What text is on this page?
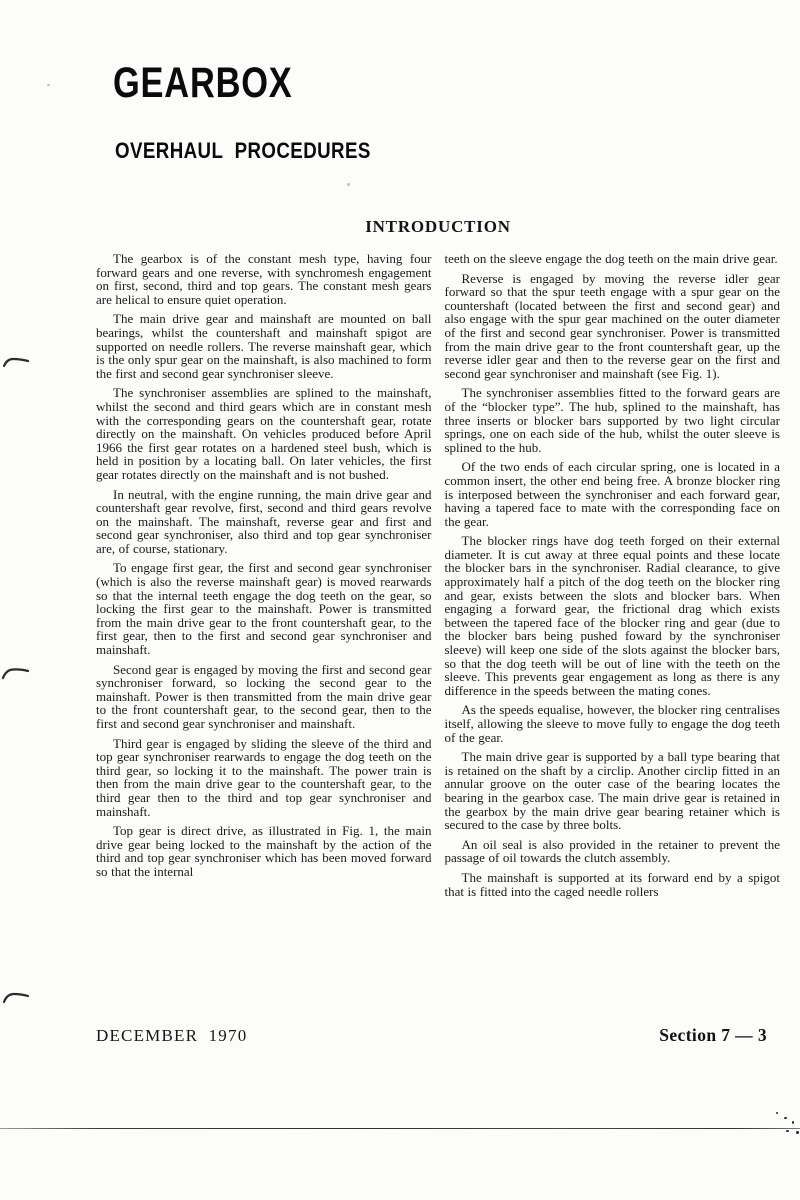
GEARBOX
OVERHAUL PROCEDURES
INTRODUCTION

The gearbox is of the constant mesh type, having four forward gears and one reverse, with synchromesh engagement on first, second, third and top gears. The constant mesh gears are helical to ensure quiet operation.

The main drive gear and mainshaft are mounted on ball bearings, whilst the countershaft and mainshaft spigot are supported on needle rollers. The reverse mainshaft gear, which is the only spur gear on the mainshaft, is also machined to form the first and second gear synchroniser sleeve.

The synchroniser assemblies are splined to the mainshaft, whilst the second and third gears which are in constant mesh with the corresponding gears on the countershaft gear, rotate directly on the mainshaft. On vehicles produced before April 1966 the first gear rotates on a hardened steel bush, which is held in position by a locating ball. On later vehicles, the first gear rotates directly on the mainshaft and is not bushed.

In neutral, with the engine running, the main drive gear and countershaft gear revolve, first, second and third gears revolve on the mainshaft. The mainshaft, reverse gear and first and second gear synchroniser, also third and top gear synchroniser are, of course, stationary.

To engage first gear, the first and second gear synchroniser (which is also the reverse mainshaft gear) is moved rearwards so that the internal teeth engage the dog teeth on the gear, so locking the first gear to the mainshaft. Power is transmitted from the main drive gear to the front countershaft gear, to the first gear, then to the first and second gear synchroniser and mainshaft.

Second gear is engaged by moving the first and second gear synchroniser forward, so locking the second gear to the mainshaft. Power is then transmitted from the main drive gear to the front countershaft gear, to the second gear, then to the first and second gear synchroniser and mainshaft.

Third gear is engaged by sliding the sleeve of the third and top gear synchroniser rearwards to engage the dog teeth on the third gear, so locking it to the mainshaft. The power train is then from the main drive gear to the countershaft gear, to the third gear then to the third and top gear synchroniser and mainshaft.

Top gear is direct drive, as illustrated in Fig. 1, the main drive gear being locked to the mainshaft by the action of the third and top gear synchroniser which has been moved forward so that the internal

teeth on the sleeve engage the dog teeth on the main drive gear.

Reverse is engaged by moving the reverse idler gear forward so that the spur teeth engage with a spur gear on the countershaft (located between the first and second gear) and also engage with the spur gear machined on the outer diameter of the first and second gear synchroniser. Power is transmitted from the main drive gear to the front countershaft gear, up the reverse idler gear and then to the reverse gear on the first and second gear synchroniser and mainshaft (see Fig. 1).

The synchroniser assemblies fitted to the forward gears are of the “blocker type”. The hub, splined to the mainshaft, has three inserts or blocker bars supported by two light circular springs, one on each side of the hub, whilst the outer sleeve is splined to the hub.

Of the two ends of each circular spring, one is located in a common insert, the other end being free. A bronze blocker ring is interposed between the synchroniser and each forward gear, having a tapered face to mate with the corresponding face on the gear.

The blocker rings have dog teeth forged on their external diameter. It is cut away at three equal points and these locate the blocker bars in the synchroniser. Radial clearance, to give approximately half a pitch of the dog teeth on the blocker ring and gear, exists between the slots and blocker bars. When engaging a forward gear, the frictional drag which exists between the tapered face of the blocker ring and gear (due to the blocker bars being pushed foward by the synchroniser sleeve) will keep one side of the slots against the blocker bars, so that the dog teeth will be out of line with the teeth on the sleeve. This prevents gear engagement as long as there is any difference in the speeds between the mating cones.

As the speeds equalise, however, the blocker ring centralises itself, allowing the sleeve to move fully to engage the dog teeth of the gear.

The main drive gear is supported by a ball type bearing that is retained on the shaft by a circlip. Another circlip fitted in an annular groove on the outer case of the bearing locates the bearing in the gearbox case. The main drive gear is retained in the gearbox by the main drive gear bearing retainer which is secured to the case by three bolts.

An oil seal is also provided in the retainer to prevent the passage of oil towards the clutch assembly.

The mainshaft is supported at its forward end by a spigot that is fitted into the caged needle rollers

DECEMBER 1970	Section 7 — 3
